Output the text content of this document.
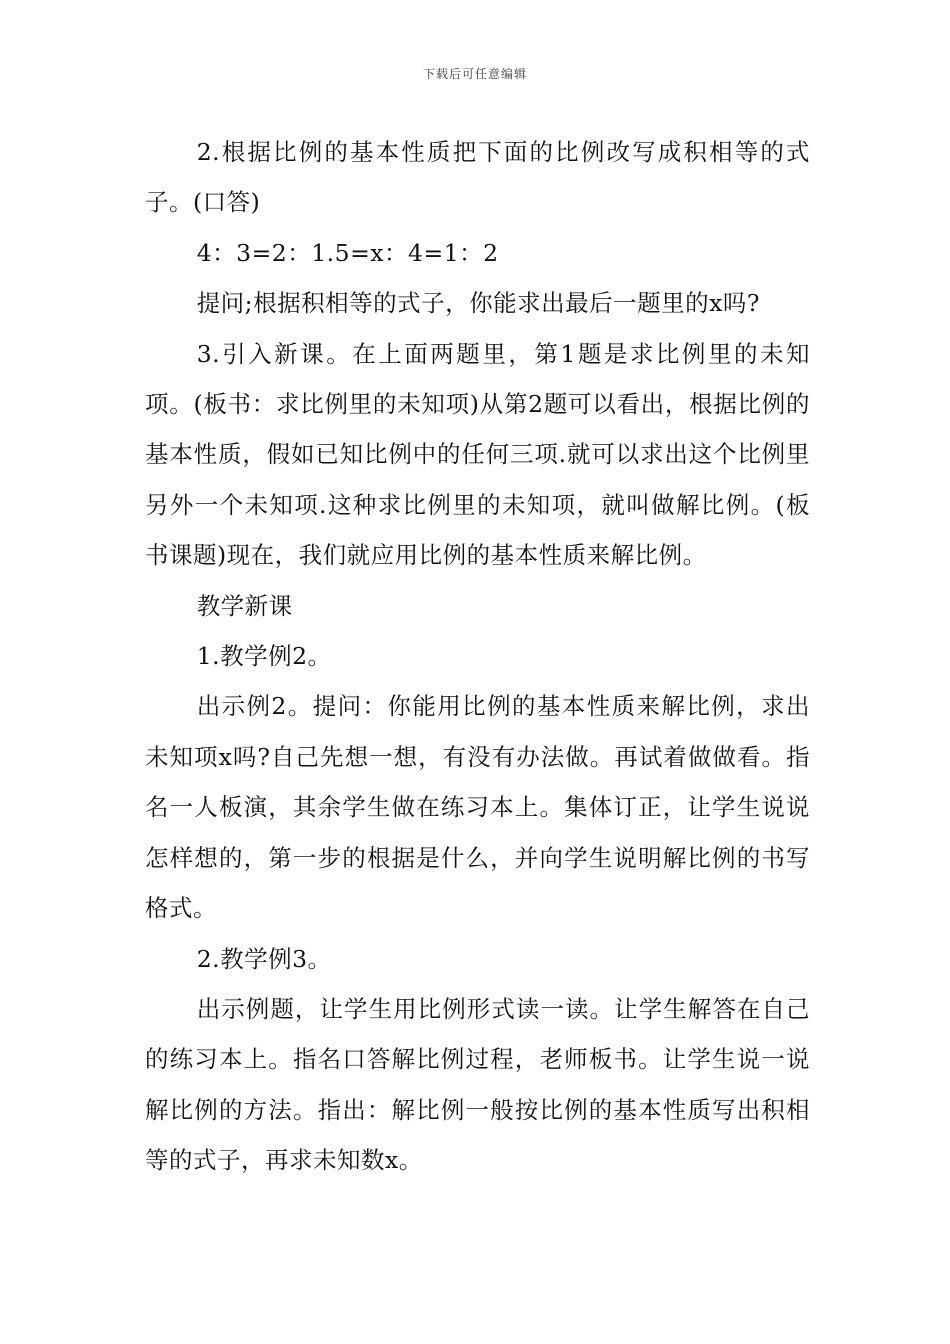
下载后可任意编辑

2.根据比例的基本性质把下面的比例改写成积相等的式子。(口答)

4：3=2：1.5=x：4=1：2

提问;根据积相等的式子，你能求出最后一题里的x吗?

3.引入新课。在上面两题里，第1题是求比例里的未知项。(板书：求比例里的未知项)从第2题可以看出，根据比例的基本性质，假如已知比例中的任何三项.就可以求出这个比例里另外一个未知项.这种求比例里的未知项，就叫做解比例。(板书课题)现在，我们就应用比例的基本性质来解比例。

教学新课

1.教学例2。

出示例2。提问：你能用比例的基本性质来解比例，求出未知项x吗?自己先想一想，有没有办法做。再试着做做看。指名一人板演，其余学生做在练习本上。集体订正，让学生说说怎样想的，第一步的根据是什么，并向学生说明解比例的书写格式。

2.教学例3。

出示例题，让学生用比例形式读一读。让学生解答在自己的练习本上。指名口答解比例过程，老师板书。让学生说一说解比例的方法。指出：解比例一般按比例的基本性质写出积相等的式子，再求未知数x。
